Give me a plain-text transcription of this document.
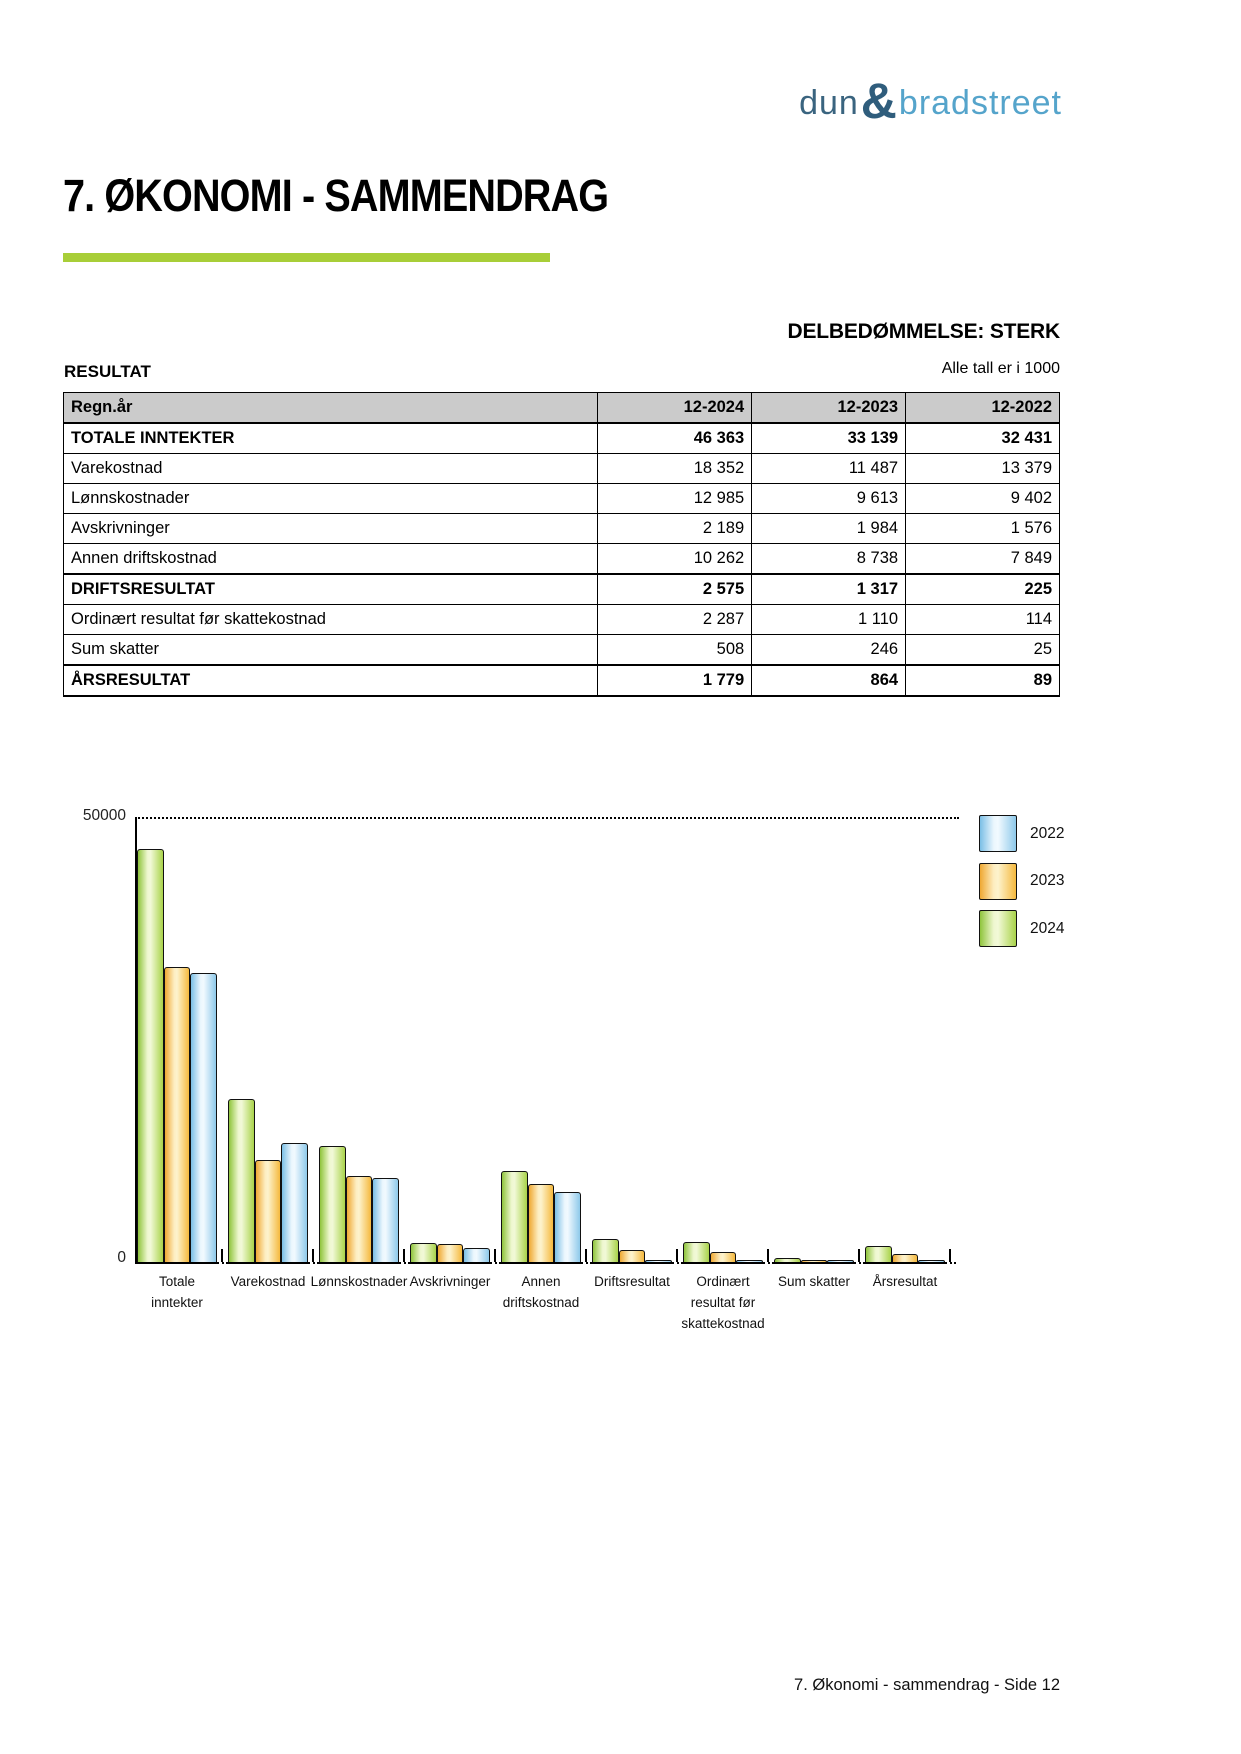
dun & bradstreet
7. ØKONOMI - SAMMENDRAG
DELBEDØMMELSE: STERK
RESULTAT	Alle tall er i 1000
Regn.år	12-2024	12-2023	12-2022
TOTALE INNTEKTER	46 363	33 139	32 431
Varekostnad	18 352	11 487	13 379
Lønnskostnader	12 985	9 613	9 402
Avskrivninger	2 189	1 984	1 576
Annen driftskostnad	10 262	8 738	7 849
DRIFTSRESULTAT	2 575	1 317	225
Ordinært resultat før skattekostnad	2 287	1 110	114
Sum skatter	508	246	25
ÅRSRESULTAT	1 779	864	89
50000
0
Totale
inntekter
Varekostnad Lønnskostnader Avskrivninger	Annen
driftskostnad
Driftsresultat	Ordinært
resultat før
skattekostnad
Sum skatter	Årsresultat
2022
2023
2024
7. Økonomi - sammendrag - Side 12
